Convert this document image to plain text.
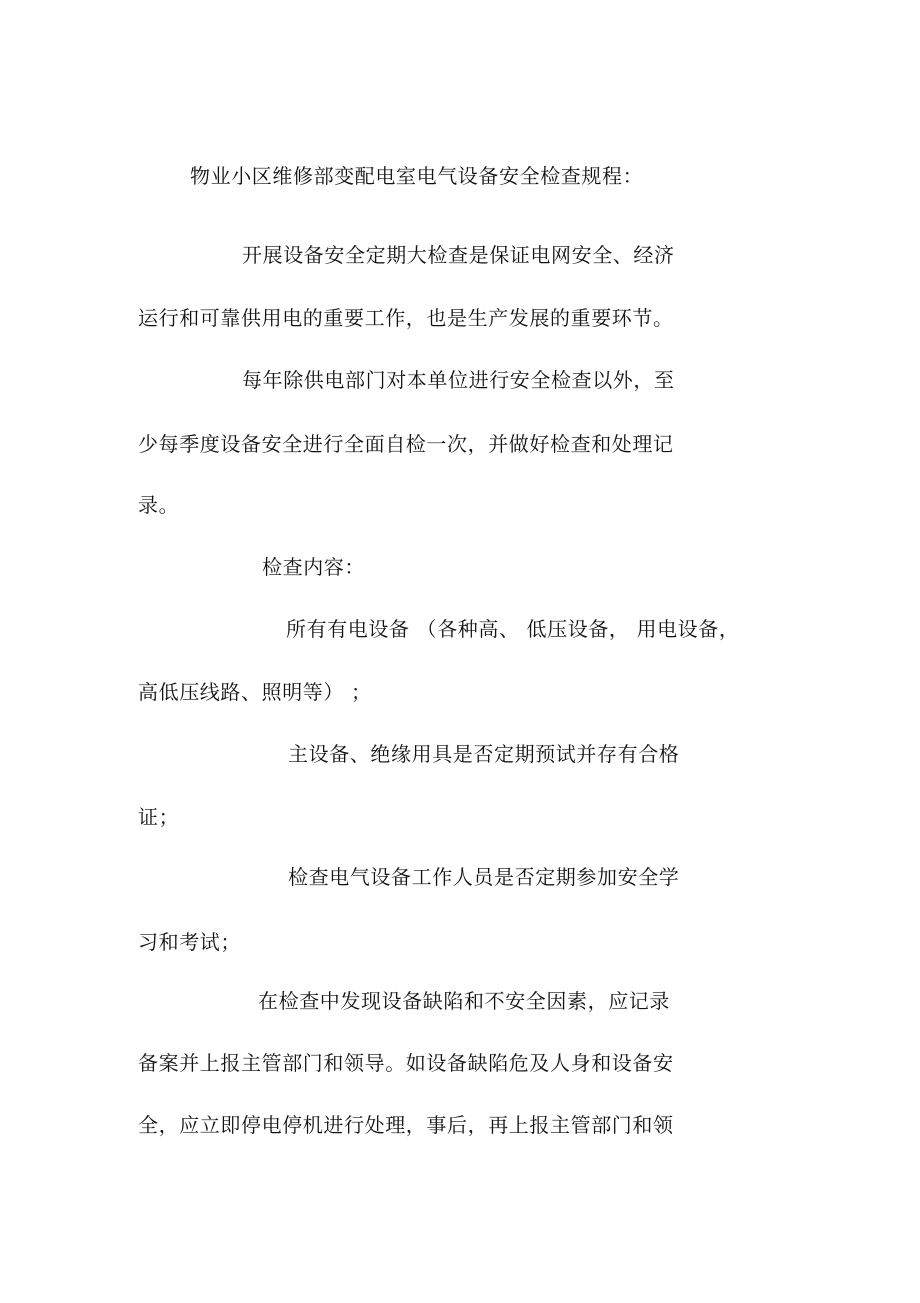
物业小区维修部变配电室电气设备安全检查规程：
开展设备安全定期大检查是保证电网安全、经济
运行和可靠供用电的重要工作，也是生产发展的重要环节。
每年除供电部门对本单位进行安全检查以外，至
少每季度设备安全进行全面自检一次，并做好检查和处理记
录。
检查内容：
所有有电设备 （各种高、 低压设备， 用电设备，
高低压线路、照明等） ；
主设备、绝缘用具是否定期预试并存有合格
证；
检查电气设备工作人员是否定期参加安全学
习和考试；
在检查中发现设备缺陷和不安全因素，应记录
备案并上报主管部门和领导。如设备缺陷危及人身和设备安
全，应立即停电停机进行处理，事后，再上报主管部门和领
